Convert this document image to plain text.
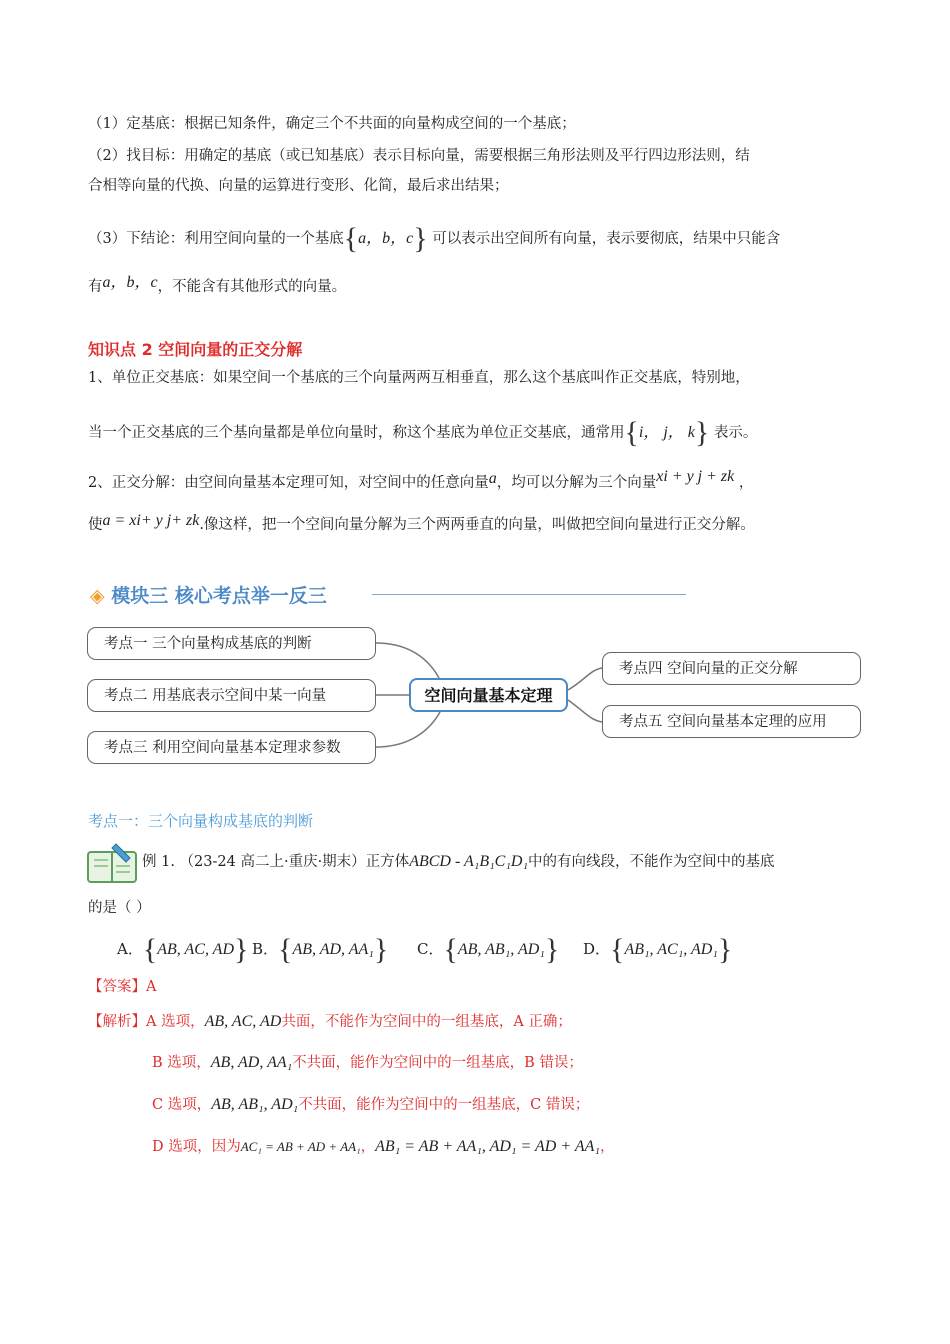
（1）定基底：根据已知条件，确定三个不共面的向量构成空间的一个基底；
（2）找目标：用确定的基底（或已知基底）表示目标向量，需要根据三角形法则及平行四边形法则，结
合相等向量的代换、向量的运算进行变形、化简，最后求出结果；
（3）下结论：利用空间向量的一个基底{a，b，c} 可以表示出空间所有向量，表示要彻底，结果中只能含
有a，b，c，不能含有其他形式的向量。
知识点 2 空间向量的正交分解
1、单位正交基底：如果空间一个基底的三个向量两两互相垂直，那么这个基底叫作正交基底，特别地，
当一个正交基底的三个基向量都是单位向量时，称这个基底为单位正交基底，通常用{i， j， k} 表示。
2、正交分解：由空间向量基本定理可知，对空间中的任意向量a，均可以分解为三个向量xi + y j + zk ，
使a = xi+ y j+ zk.像这样，把一个空间向量分解为三个两两垂直的向量，叫做把空间向量进行正交分解。
◈ 模块三 核心考点举一反三
考点一 三个向量构成基底的判断
考点二 用基底表示空间中某一向量
考点三 利用空间向量基本定理求参数
空间向量基本定理
考点四 空间向量的正交分解
考点五 空间向量基本定理的应用
考点一：三个向量构成基底的判断
例 1. （23-24 高二上·重庆·期末）正方体ABCD - A₁B₁C₁D₁中的有向线段，不能作为空间中的基底
的是（ ）
A．{AB, AC, AD} B．{AB, AD, AA₁} C．{AB, AB₁, AD₁} D．{AB₁, AC₁, AD₁}
【答案】A
【解析】A 选项，AB, AC, AD共面，不能作为空间中的一组基底，A 正确；
B 选项，AB, AD, AA₁不共面，能作为空间中的一组基底，B 错误；
C 选项，AB, AB₁, AD₁不共面，能作为空间中的一组基底，C 错误；
D 选项，因为AC₁ = AB + AD + AA₁，AB₁ = AB + AA₁, AD₁ = AD + AA₁，
